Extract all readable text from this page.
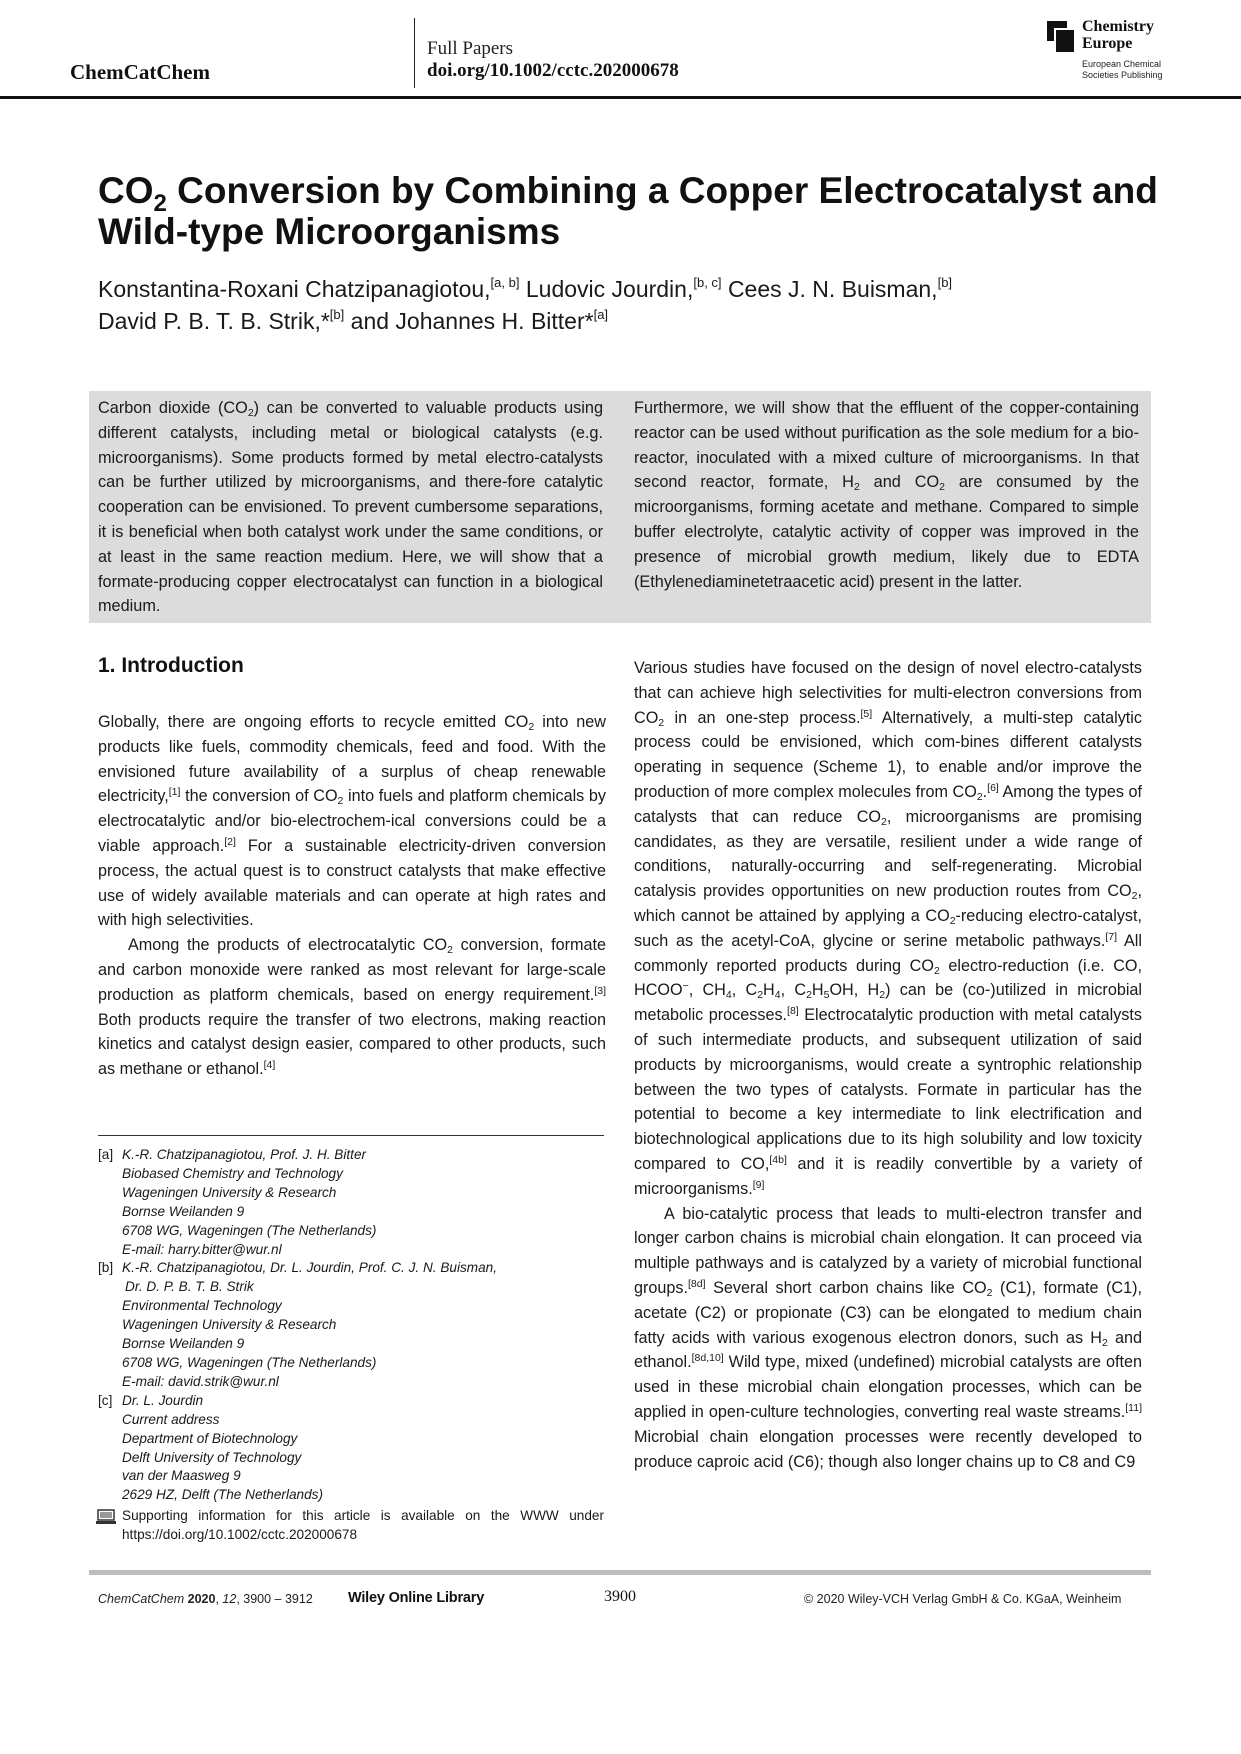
ChemCatChem
Full Papers
doi.org/10.1002/cctc.202000678
Chemistry
Europe
European Chemical
Societies Publishing
$CO_2$ Conversion by Combining a Copper Electrocatalyst and Wild-type Microorganisms
Konstantina-Roxani Chatzipanagiotou,[a, b] Ludovic Jourdin,[b, c] Cees J. N. Buisman,[b]
David P. B. T. B. Strik,*[b] and Johannes H. Bitter*[a]
Carbon dioxide $(CO_2)$ can be converted to valuable products using different catalysts, including metal or biological catalysts (e.g. microorganisms). Some products formed by metal electro-catalysts can be further utilized by microorganisms, and there-fore catalytic cooperation can be envisioned. To prevent cumbersome separations, it is beneficial when both catalyst work under the same conditions, or at least in the same reaction medium. Here, we will show that a formate-producing copper electrocatalyst can function in a biological medium.
Furthermore, we will show that the effluent of the copper-containing reactor can be used without purification as the sole medium for a bio-reactor, inoculated with a mixed culture of microorganisms. In that second reactor, formate, $H_2$ and $CO_2$ are consumed by the microorganisms, forming acetate and methane. Compared to simple buffer electrolyte, catalytic activity of copper was improved in the presence of microbial growth medium, likely due to EDTA (Ethylenediaminetetraacetic acid) present in the latter.
1. Introduction

Globally, there are ongoing efforts to recycle emitted $CO_2$ into new products like fuels, commodity chemicals, feed and food. With the envisioned future availability of a surplus of cheap renewable electricity,[1] the conversion of $CO_2$ into fuels and platform chemicals by electrocatalytic and/or bio-electrochem-ical conversions could be a viable approach.[2] For a sustainable electricity-driven conversion process, the actual quest is to construct catalysts that make effective use of widely available materials and can operate at high rates and with high selectivities.

Among the products of electrocatalytic $CO_2$ conversion, formate and carbon monoxide were ranked as most relevant for large-scale production as platform chemicals, based on energy requirement.[3] Both products require the transfer of two electrons, making reaction kinetics and catalyst design easier, compared to other products, such as methane or ethanol.[4]

[a] K.-R. Chatzipanagiotou, Prof. J. H. Bitter
Biobased Chemistry and Technology
Wageningen University & Research
Bornse Weilanden 9
6708 WG, Wageningen (The Netherlands)
E-mail: harry.bitter@wur.nl
[b] K.-R. Chatzipanagiotou, Dr. L. Jourdin, Prof. C. J. N. Buisman,
Dr. D. P. B. T. B. Strik
Environmental Technology
Wageningen University & Research
Bornse Weilanden 9
6708 WG, Wageningen (The Netherlands)
E-mail: david.strik@wur.nl
[c] Dr. L. Jourdin
Current address
Department of Biotechnology
Delft University of Technology
van der Maasweg 9
2629 HZ, Delft (The Netherlands)
Supporting information for this article is available on the WWW under https://doi.org/10.1002/cctc.202000678

Various studies have focused on the design of novel electro-catalysts that can achieve high selectivities for multi-electron conversions from $CO_2$ in an one-step process.[5] Alternatively, a multi-step catalytic process could be envisioned, which com-bines different catalysts operating in sequence (Scheme 1), to enable and/or improve the production of more complex molecules from $CO_2.[6]$ Among the types of catalysts that can reduce $CO_2$, microorganisms are promising candidates, as they are versatile, resilient under a wide range of conditions, naturally-occurring and self-regenerating. Microbial catalysis provides opportunities on new production routes from $CO_2$, which cannot be attained by applying a $CO_2$-reducing electro-catalyst, such as the acetyl-CoA, glycine or serine metabolic pathways.[7] All commonly reported products during $CO_2$ electro-reduction (i.e. CO, HCOO−, $CH_4$, $C_2H_4$, $C_2H_5OH$, $H_2$) can be (co-)utilized in microbial metabolic processes.[8] Electrocatalytic production with metal catalysts of such intermediate products, and subsequent utilization of said products by microorganisms, would create a syntrophic relationship between the two types of catalysts. Formate in particular has the potential to become a key intermediate to link electrification and biotechnological applications due to its high solubility and low toxicity compared to CO,[4b] and it is readily convertible by a variety of microorganisms.[9]

A bio-catalytic process that leads to multi-electron transfer and longer carbon chains is microbial chain elongation. It can proceed via multiple pathways and is catalyzed by a variety of microbial functional groups.[8d] Several short carbon chains like $CO_2$ (C1), formate (C1), acetate (C2) or propionate (C3) can be elongated to medium chain fatty acids with various exogenous electron donors, such as $H_2$ and ethanol.[8d,10] Wild type, mixed (undefined) microbial catalysts are often used in these microbial chain elongation processes, which can be applied in open-culture technologies, converting real waste streams.[11] Microbial chain elongation processes were recently developed to produce caproic acid (C6); though also longer chains up to C8 and C9

ChemCatChem 2020, 12, 3900 – 3912 Wiley Online Library	3900	© 2020 Wiley-VCH Verlag GmbH & Co. KGaA, Weinheim
